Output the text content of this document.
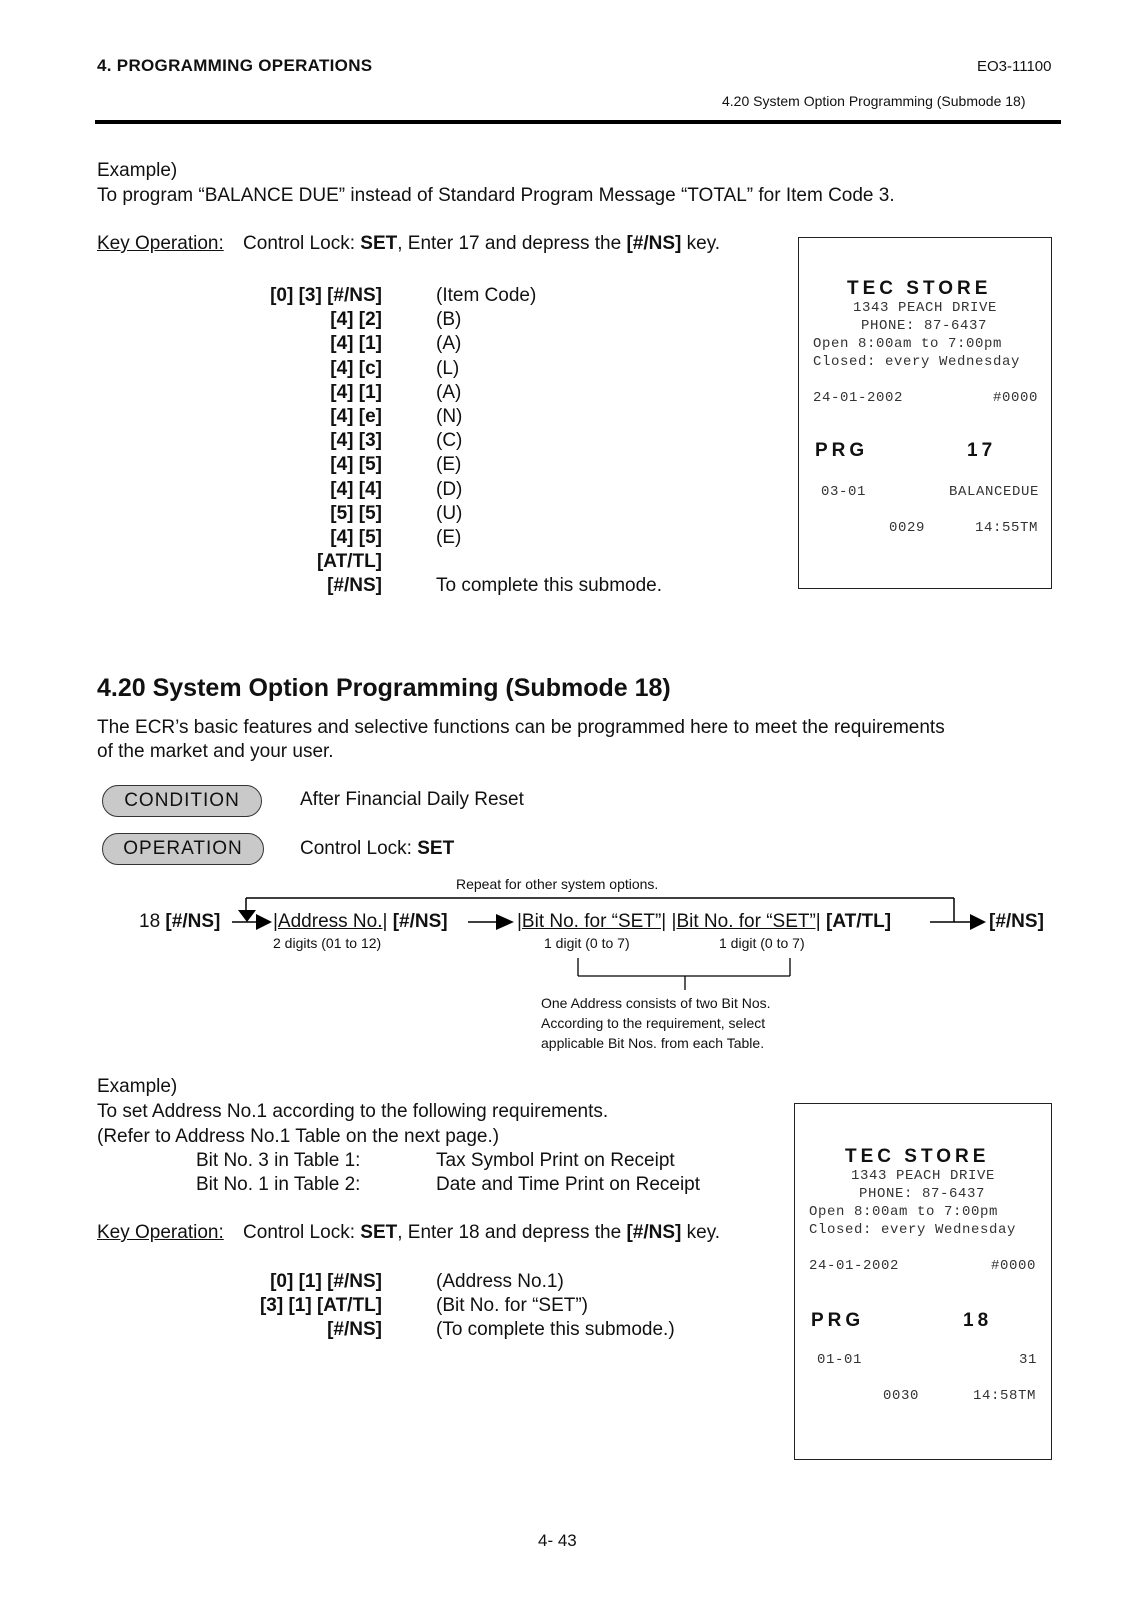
4. PROGRAMMING OPERATIONS	EO3-11100
4.20 System Option Programming (Submode 18)
Example)
To program “BALANCE DUE” instead of Standard Program Message “TOTAL” for Item Code 3.
Key Operation: Control Lock: SET, Enter 17 and depress the [#/NS] key.
[0] [3] [#/NS]	(Item Code)
[4] [2]	(B)
[4] [1]	(A)
[4] [c]	(L)
[4] [1]	(A)
[4] [e]	(N)
[4] [3]	(C)
[4] [5]	(E)
[4] [4]	(D)
[5] [5]	(U)
[4] [5]	(E)
[AT/TL]
[#/NS]	To complete this submode.
TEC STORE
1343 PEACH DRIVE
PHONE: 87-6437
Open 8:00am to 7:00pm
Closed: every Wednesday
24-01-2002	#0000
PRG	17
03-01	BALANCEDUE
0029	14:55TM
4.20 System Option Programming (Submode 18)
The ECR’s basic features and selective functions can be programmed here to meet the requirements
of the market and your user.
CONDITION	After Financial Daily Reset
OPERATION	Control Lock: SET
Repeat for other system options.
18 [#/NS]	|Address No.| [#/NS]	|Bit No. for “SET”| |Bit No. for “SET”| [AT/TL]	[#/NS]
2 digits (01 to 12)	1 digit (0 to 7)	1 digit (0 to 7)
One Address consists of two Bit Nos.
According to the requirement, select
applicable Bit Nos. from each Table.
Example)
To set Address No.1 according to the following requirements.
(Refer to Address No.1 Table on the next page.)
Bit No. 3 in Table 1:	Tax Symbol Print on Receipt
Bit No. 1 in Table 2:	Date and Time Print on Receipt
Key Operation: Control Lock: SET, Enter 18 and depress the [#/NS] key.
[0] [1] [#/NS]	(Address No.1)
[3] [1] [AT/TL]	(Bit No. for “SET”)
[#/NS]	(To complete this submode.)
TEC STORE
1343 PEACH DRIVE
PHONE: 87-6437
Open 8:00am to 7:00pm
Closed: every Wednesday
24-01-2002	#0000
PRG	18
01-01	31
0030	14:58TM
4- 43
